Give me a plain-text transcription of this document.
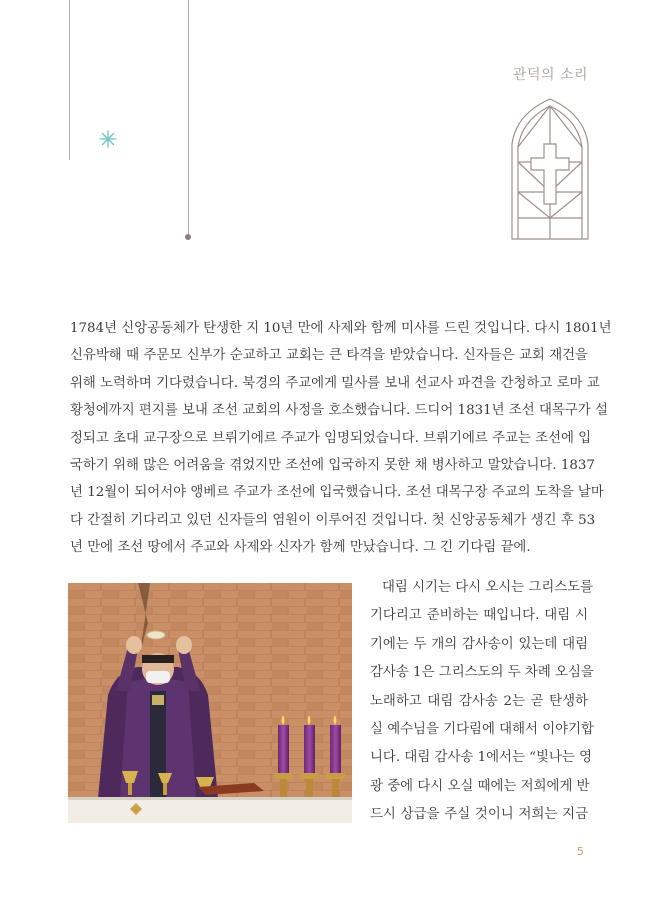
관덕의 소리
1784년 신앙공동체가 탄생한 지 10년 만에 사제와 함께 미사를 드린 것입니다. 다시 1801년
신유박해 때 주문모 신부가 순교하고 교회는 큰 타격을 받았습니다. 신자들은 교회 재건을
위해 노력하며 기다렸습니다. 북경의 주교에게 밀사를 보내 선교사 파견을 간청하고 로마 교
황청에까지 편지를 보내 조선 교회의 사정을 호소했습니다. 드디어 1831년 조선 대목구가 설
정되고 초대 교구장으로 브뤼기에르 주교가 임명되었습니다. 브뤼기에르 주교는 조선에 입
국하기 위해 많은 어려움을 겪었지만 조선에 입국하지 못한 채 병사하고 말았습니다. 1837
년 12월이 되어서야 앵베르 주교가 조선에 입국했습니다. 조선 대목구장 주교의 도착을 날마
다 간절히 기다리고 있던 신자들의 염원이 이루어진 것입니다. 첫 신앙공동체가 생긴 후 53
년 만에 조선 땅에서 주교와 사제와 신자가 함께 만났습니다. 그 긴 기다림 끝에.
대림 시기는 다시 오시는 그리스도를
기다리고 준비하는 때입니다. 대림 시
기에는 두 개의 감사송이 있는데 대림
감사송 1은 그리스도의 두 차례 오심을
노래하고 대림 감사송 2는 곧 탄생하
실 예수님을 기다림에 대해서 이야기합
니다. 대림 감사송 1에서는 “빛나는 영
광 중에 다시 오실 때에는 저희에게 반
드시 상급을 주실 것이니 저희는 지금
5
